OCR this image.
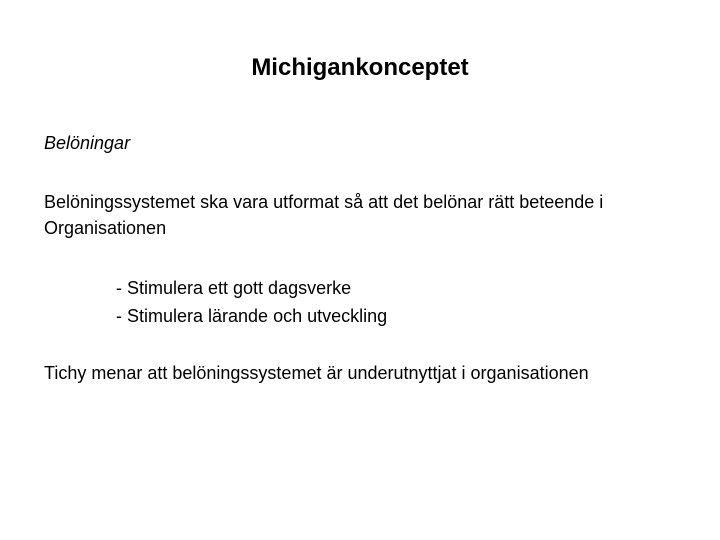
Michigankonceptet
Belöningar
Belöningssystemet ska vara utformat så att det belönar rätt beteende i
Organisationen
- Stimulera ett gott dagsverke
- Stimulera lärande och utveckling
Tichy menar att belöningssystemet är underutnyttjat i organisationen
